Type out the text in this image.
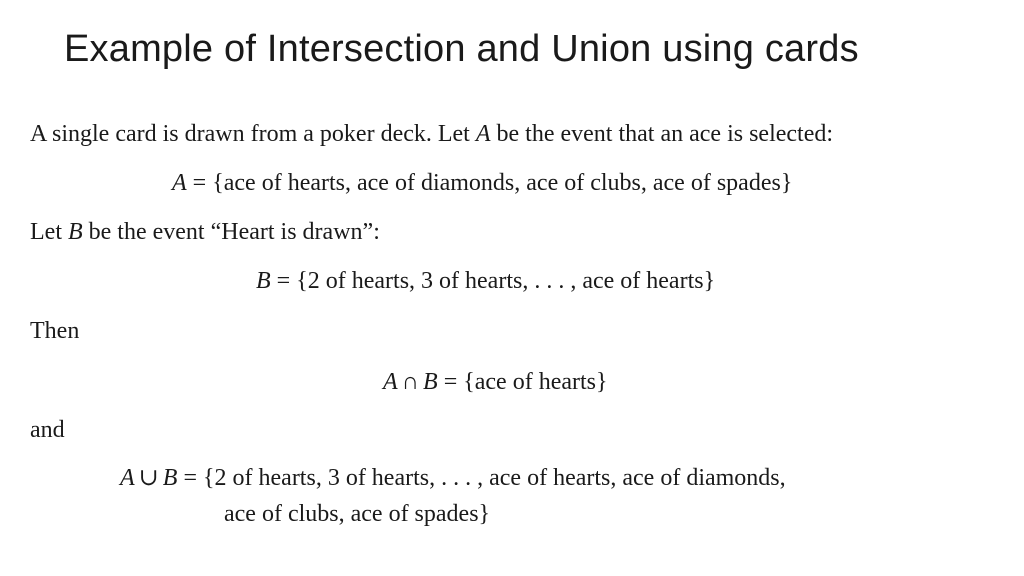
Example of Intersection and Union using cards
A single card is drawn from a poker deck. Let A be the event that an ace is selected:
A = {ace of hearts, ace of diamonds, ace of clubs, ace of spades}
Let B be the event “Heart is drawn”:
B = {2 of hearts, 3 of hearts, . . . , ace of hearts}
Then
A ∩ B = {ace of hearts}
and
A ∪ B = {2 of hearts, 3 of hearts, . . . , ace of hearts, ace of diamonds,
ace of clubs, ace of spades}
